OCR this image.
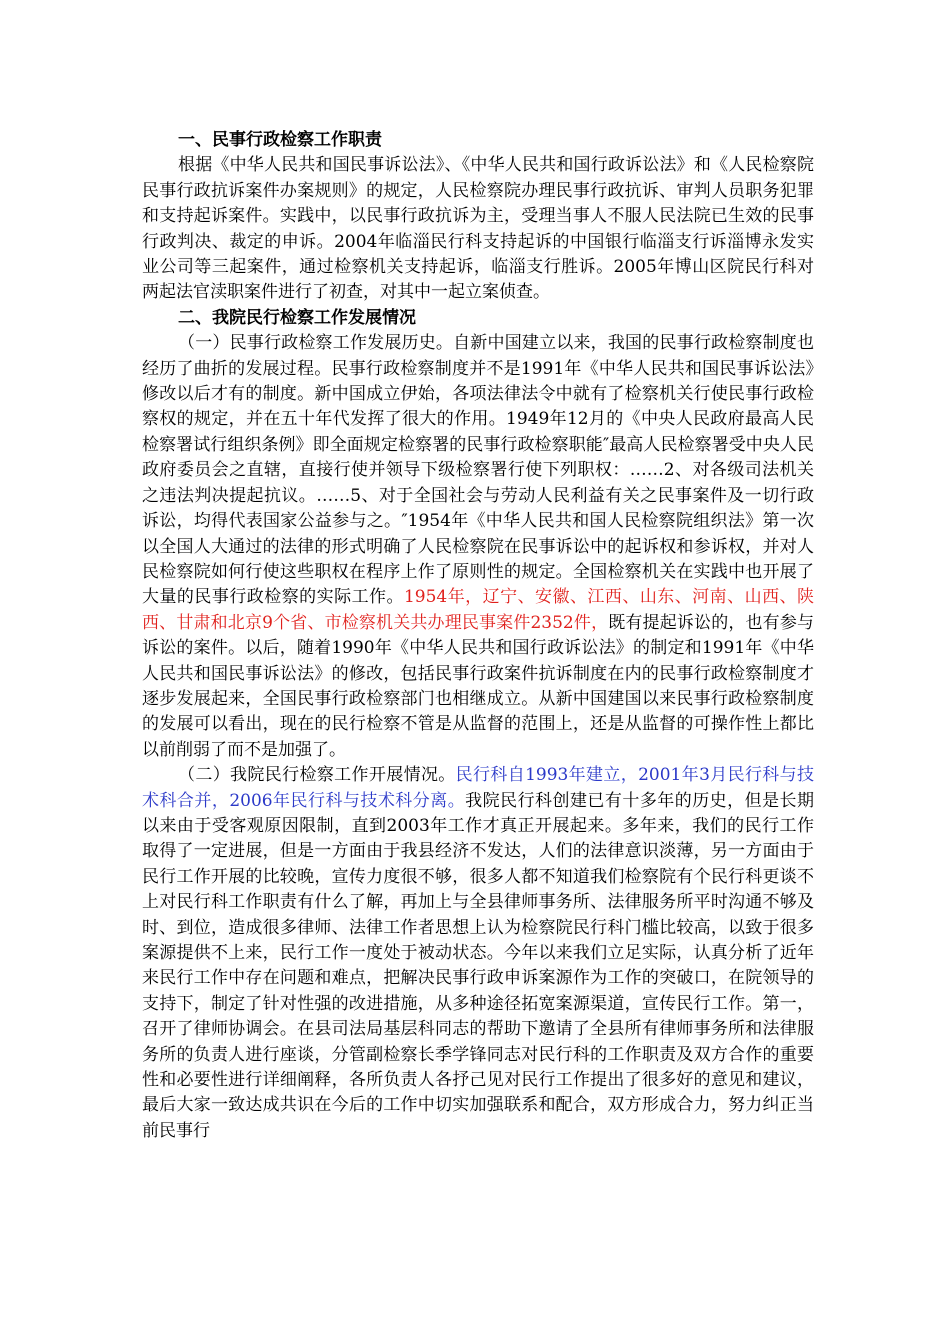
一、民事行政检察工作职责

根据《中华人民共和国民事诉讼法》、《中华人民共和国行政诉讼法》和《人民检察院民事行政抗诉案件办案规则》的规定，人民检察院办理民事行政抗诉、审判人员职务犯罪和支持起诉案件。实践中，以民事行政抗诉为主，受理当事人不服人民法院已生效的民事行政判决、裁定的申诉。2004年临淄民行科支持起诉的中国银行临淄支行诉淄博永发实业公司等三起案件，通过检察机关支持起诉，临淄支行胜诉。2005年博山区院民行科对两起法官渎职案件进行了初查，对其中一起立案侦查。

二、我院民行检察工作发展情况

（一）民事行政检察工作发展历史。自新中国建立以来，我国的民事行政检察制度也经历了曲折的发展过程。民事行政检察制度并不是1991年《中华人民共和国民事诉讼法》修改以后才有的制度。新中国成立伊始，各项法律法令中就有了检察机关行使民事行政检察权的规定，并在五十年代发挥了很大的作用。1949年12月的《中央人民政府最高人民检察署试行组织条例》即全面规定检察署的民事行政检察职能″最高人民检察署受中央人民政府委员会之直辖，直接行使并领导下级检察署行使下列职权：……2、对各级司法机关之违法判决提起抗议。……5、对于全国社会与劳动人民利益有关之民事案件及一切行政诉讼，均得代表国家公益参与之。″1954年《中华人民共和国人民检察院组织法》第一次以全国人大通过的法律的形式明确了人民检察院在民事诉讼中的起诉权和参诉权，并对人民检察院如何行使这些职权在程序上作了原则性的规定。全国检察机关在实践中也开展了大量的民事行政检察的实际工作。1954年，辽宁、安徽、江西、山东、河南、山西、陕西、甘肃和北京9个省、市检察机关共办理民事案件2352件，既有提起诉讼的，也有参与诉讼的案件。以后，随着1990年《中华人民共和国行政诉讼法》的制定和1991年《中华人民共和国民事诉讼法》的修改，包括民事行政案件抗诉制度在内的民事行政检察制度才逐步发展起来，全国民事行政检察部门也相继成立。从新中国建国以来民事行政检察制度的发展可以看出，现在的民行检察不管是从监督的范围上，还是从监督的可操作性上都比以前削弱了而不是加强了。

（二）我院民行检察工作开展情况。民行科自1993年建立，2001年3月民行科与技术科合并，2006年民行科与技术科分离。我院民行科创建已有十多年的历史，但是长期以来由于受客观原因限制，直到2003年工作才真正开展起来。多年来，我们的民行工作取得了一定进展，但是一方面由于我县经济不发达，人们的法律意识淡薄，另一方面由于民行工作开展的比较晚，宣传力度很不够，很多人都不知道我们检察院有个民行科更谈不上对民行科工作职责有什么了解，再加上与全县律师事务所、法律服务所平时沟通不够及时、到位，造成很多律师、法律工作者思想上认为检察院民行科门槛比较高，以致于很多案源提供不上来，民行工作一度处于被动状态。今年以来我们立足实际，认真分析了近年来民行工作中存在问题和难点，把解决民事行政申诉案源作为工作的突破口，在院领导的支持下，制定了针对性强的改进措施，从多种途径拓宽案源渠道，宣传民行工作。第一，召开了律师协调会。在县司法局基层科同志的帮助下邀请了全县所有律师事务所和法律服务所的负责人进行座谈，分管副检察长季学锋同志对民行科的工作职责及双方合作的重要性和必要性进行详细阐释，各所负责人各抒己见对民行工作提出了很多好的意见和建议，最后大家一致达成共识在今后的工作中切实加强联系和配合，双方形成合力，努力纠正当前民事行
